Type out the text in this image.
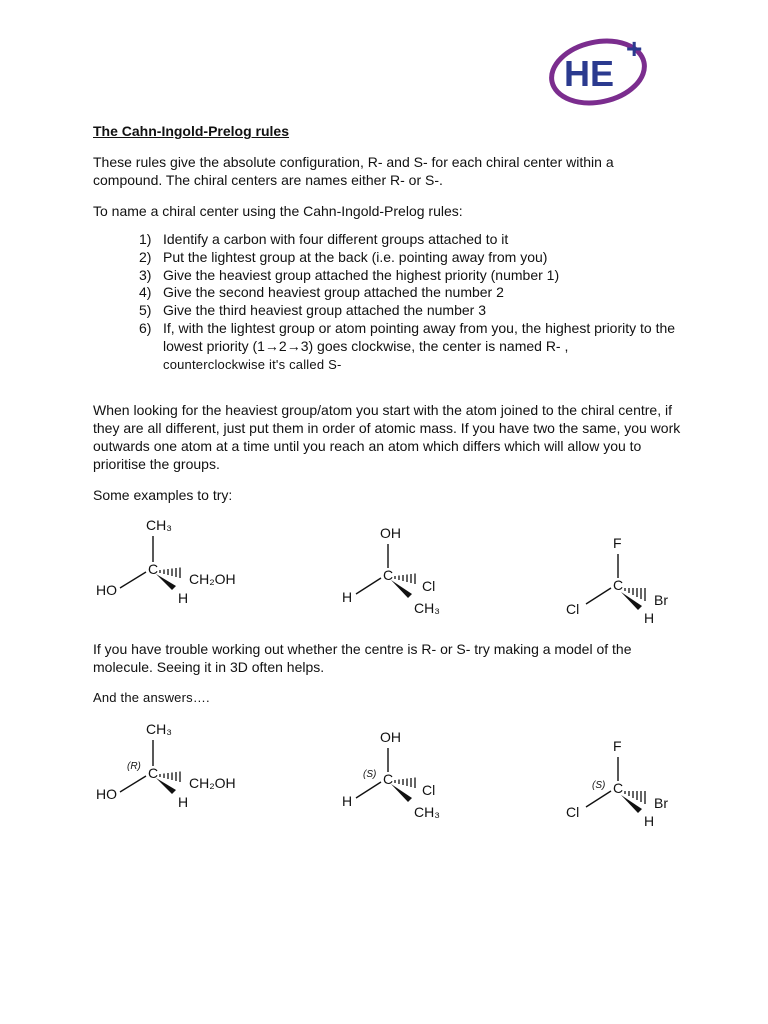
HE
+
The Cahn-Ingold-Prelog rules
These rules give the absolute configuration, R- and S- for each chiral center within a compound. The chiral centers are names either R- or S-.
To name a chiral center using the Cahn-Ingold-Prelog rules:
1) Identify a carbon with four different groups attached to it
2) Put the lightest group at the back (i.e. pointing away from you)
3) Give the heaviest group attached the highest priority (number 1)
4) Give the second heaviest group attached the number 2
5) Give the third heaviest group attached the number 3
6) If, with the lightest group or atom pointing away from you, the highest priority to the lowest priority (1→2→3) goes clockwise, the center is named R- ,
counterclockwise it's called S-
When looking for the heaviest group/atom you start with the atom joined to the chiral centre, if they are all different, just put them in order of atomic mass. If you have two the same, you work outwards one atom at a time until you reach an atom which differs which will allow you to prioritise the groups.
Some examples to try:
CH₃
C
HO
CH₂OH
H
OH
C
H
Cl
CH₃
F
C
Cl
Br
H
If you have trouble working out whether the centre is R- or S- try making a model of the molecule. Seeing it in 3D often helps.
And the answers….
CH₃
(R) C
HO
CH₂OH
H
OH
(S) C
H
Cl
CH₃
F
(S) C
Cl
Br
H
